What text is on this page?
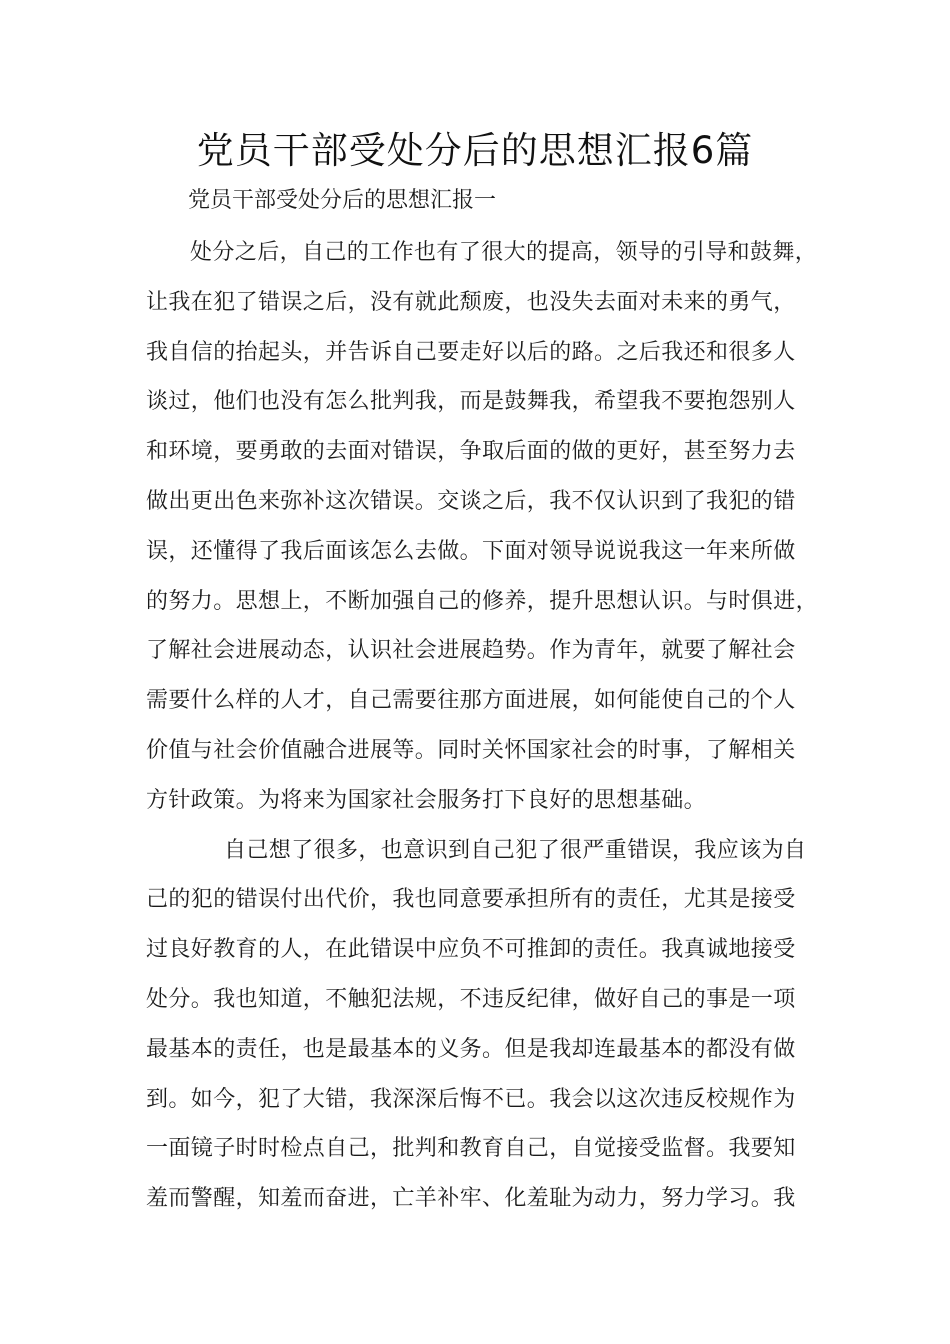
党员干部受处分后的思想汇报6篇

党员干部受处分后的思想汇报一

处分之后，自己的工作也有了很大的提高，领导的引导和鼓舞，
让我在犯了错误之后，没有就此颓废，也没失去面对未来的勇气，
我自信的抬起头，并告诉自己要走好以后的路。之后我还和很多人
谈过，他们也没有怎么批判我，而是鼓舞我，希望我不要抱怨别人
和环境，要勇敢的去面对错误，争取后面的做的更好，甚至努力去
做出更出色来弥补这次错误。交谈之后，我不仅认识到了我犯的错
误，还懂得了我后面该怎么去做。下面对领导说说我这一年来所做
的努力。思想上，不断加强自己的修养，提升思想认识。与时俱进，
了解社会进展动态，认识社会进展趋势。作为青年，就要了解社会
需要什么样的人才，自己需要往那方面进展，如何能使自己的个人
价值与社会价值融合进展等。同时关怀国家社会的时事，了解相关
方针政策。为将来为国家社会服务打下良好的思想基础。
自己想了很多，也意识到自己犯了很严重错误，我应该为自
己的犯的错误付出代价，我也同意要承担所有的责任，尤其是接受
过良好教育的人，在此错误中应负不可推卸的责任。我真诚地接受
处分。我也知道，不触犯法规，不违反纪律，做好自己的事是一项
最基本的责任，也是最基本的义务。但是我却连最基本的都没有做
到。如今，犯了大错，我深深后悔不已。我会以这次违反校规作为
一面镜子时时检点自己，批判和教育自己，自觉接受监督。我要知
羞而警醒，知羞而奋进，亡羊补牢、化羞耻为动力，努力学习。我
